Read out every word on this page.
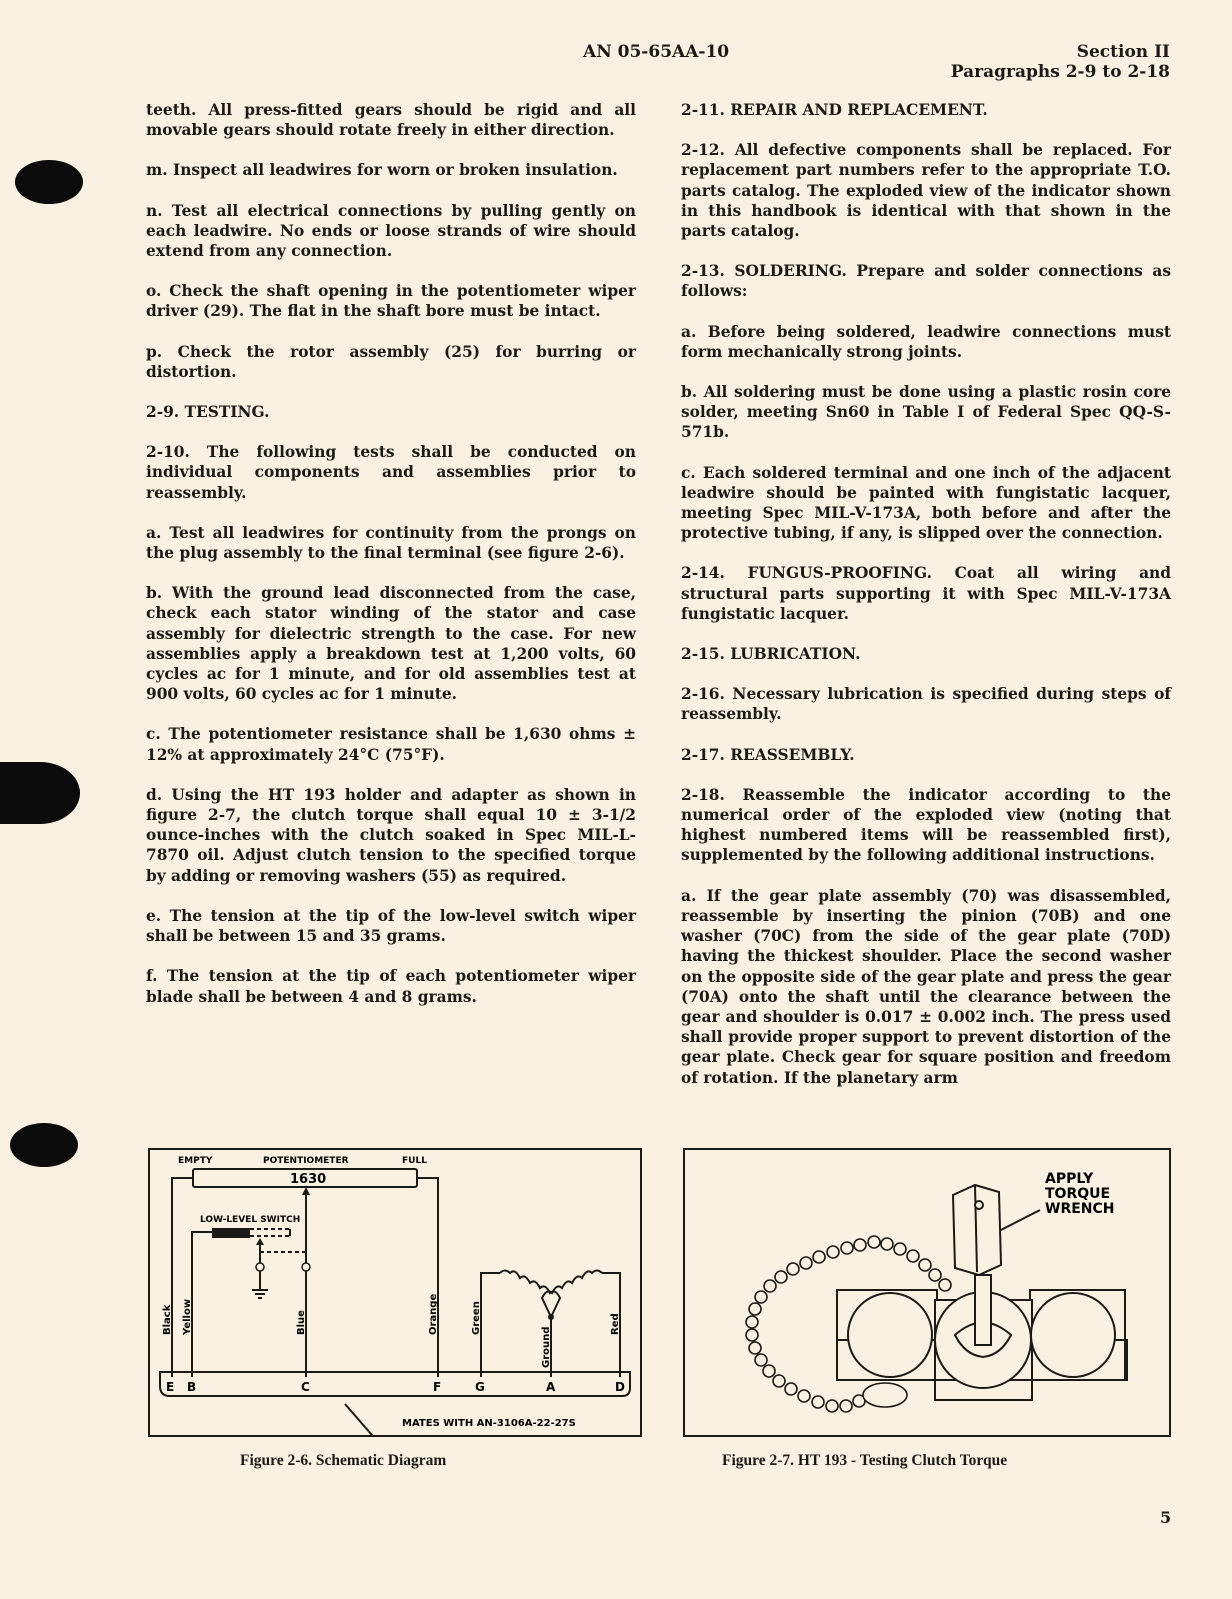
AN 05-65AA-10	Section II
Paragraphs 2-9 to 2-18

teeth. All press-fitted gears should be rigid and all movable gears should rotate freely in either direction.

m. Inspect all leadwires for worn or broken insulation.

n. Test all electrical connections by pulling gently on each leadwire. No ends or loose strands of wire should extend from any connection.

o. Check the shaft opening in the potentiometer wiper driver (29). The flat in the shaft bore must be intact.

p. Check the rotor assembly (25) for burring or distortion.

2-9. TESTING.

2-10. The following tests shall be conducted on individual components and assemblies prior to reassembly.

a. Test all leadwires for continuity from the prongs on the plug assembly to the final terminal (see figure 2-6).

b. With the ground lead disconnected from the case, check each stator winding of the stator and case assembly for dielectric strength to the case. For new assemblies apply a breakdown test at 1,200 volts, 60 cycles ac for 1 minute, and for old assemblies test at 900 volts, 60 cycles ac for 1 minute.

c. The potentiometer resistance shall be 1,630 ohms ± 12% at approximately 24°C (75°F).

d. Using the HT 193 holder and adapter as shown in figure 2-7, the clutch torque shall equal 10 ± 3-1/2 ounce-inches with the clutch soaked in Spec MIL-L-7870 oil. Adjust clutch tension to the specified torque by adding or removing washers (55) as required.

e. The tension at the tip of the low-level switch wiper shall be between 15 and 35 grams.

f. The tension at the tip of each potentiometer wiper blade shall be between 4 and 8 grams.

2-11. REPAIR AND REPLACEMENT.

2-12. All defective components shall be replaced. For replacement part numbers refer to the appropriate T.O. parts catalog. The exploded view of the indicator shown in this handbook is identical with that shown in the parts catalog.

2-13. SOLDERING. Prepare and solder connections as follows:

a. Before being soldered, leadwire connections must form mechanically strong joints.

b. All soldering must be done using a plastic rosin core solder, meeting Sn60 in Table I of Federal Spec QQ-S-571b.

c. Each soldered terminal and one inch of the adjacent leadwire should be painted with fungistatic lacquer, meeting Spec MIL-V-173A, both before and after the protective tubing, if any, is slipped over the connection.

2-14. FUNGUS-PROOFING. Coat all wiring and structural parts supporting it with Spec MIL-V-173A fungistatic lacquer.

2-15. LUBRICATION.

2-16. Necessary lubrication is specified during steps of reassembly.

2-17. REASSEMBLY.

2-18. Reassemble the indicator according to the numerical order of the exploded view (noting that highest numbered items will be reassembled first), supplemented by the following additional instructions.

a. If the gear plate assembly (70) was disassembled, reassemble by inserting the pinion (70B) and one washer (70C) from the side of the gear plate (70D) having the thickest shoulder. Place the second washer on the opposite side of the gear plate and press the gear (70A) onto the shaft until the clearance between the gear and shoulder is 0.017 ± 0.002 inch. The press used shall provide proper support to prevent distortion of the gear plate. Check gear for square position and freedom of rotation. If the planetary arm

EMPTY	POTENTIOMETER	FULL
1630
LOW-LEVEL SWITCH
Black Yellow	Blue	Orange	Green
Ground
Red
E B	C	F	G	A	D
MATES WITH AN-3106A-22-27S
Figure 2-6. Schematic Diagram
APPLY
TORQUE
WRENCH
Figure 2-7. HT 193 - Testing Clutch Torque
5
